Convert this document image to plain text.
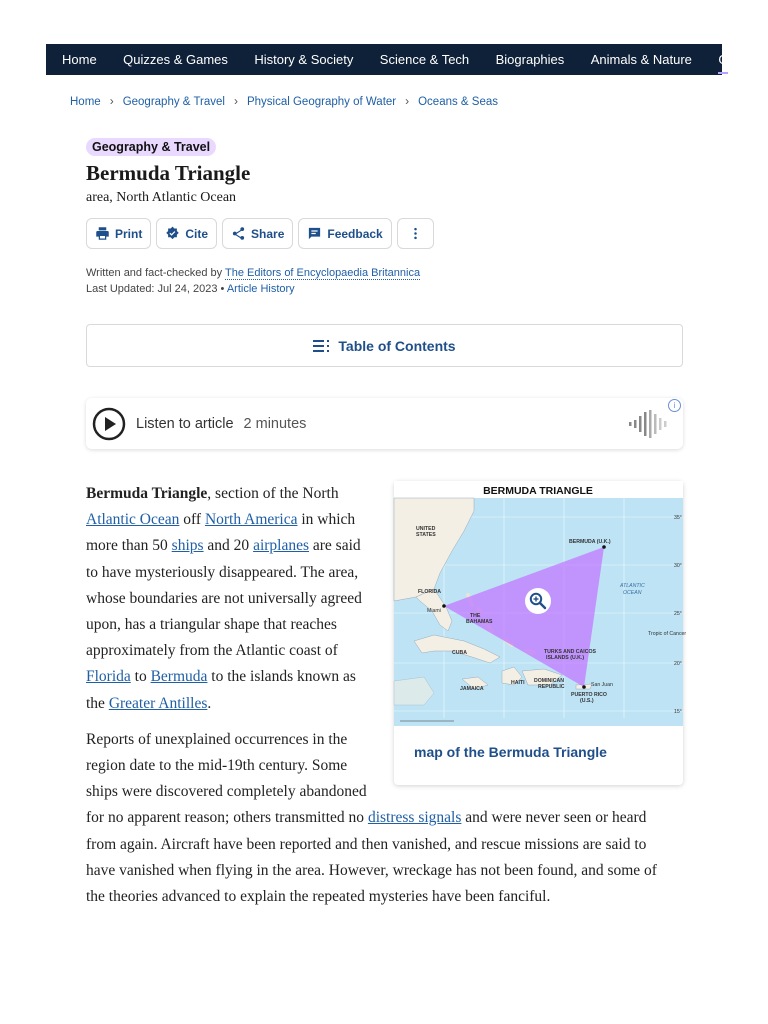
Home Quizzes & Games History & Society Science & Tech Biographies Animals & Nature G
Home › Geography & Travel › Physical Geography of Water › Oceans & Seas
Geography & Travel
Bermuda Triangle
area, North Atlantic Ocean
Print	Cite	Share	Feedback
Written and fact-checked by The Editors of Encyclopaedia Britannica
Last Updated: Jul 24, 2023 • Article History
Table of Contents
Listen to article 2 minutes
i
BERMUDA TRIANGLE
UNITED
STATES
FLORIDA
Miami
THE
BAHAMAS
BERMUDA (U.K.)
ATLANTIC
OCEAN
TURKS AND CAICOS
ISLANDS (U.K.)
CUBA
HAITI DOMINICAN
REPUBLIC
JAMAICA
PUERTO RICO
(U.S.)
San Juan
Tropic of Cancer
35°
30°
25°
20°
15°
map of the Bermuda Triangle

Bermuda Triangle, section of the North Atlantic Ocean off North America in which more than 50 ships and 20 airplanes are said to have mysteriously disappeared. The area, whose boundaries are not universally agreed upon, has a triangular shape that reaches approximately from the Atlantic coast of Florida to Bermuda to the islands known as the Greater Antilles.

Reports of unexplained occurrences in the region date to the mid-19th century. Some ships were discovered completely abandoned for no apparent reason; others transmitted no distress signals and were never seen or heard from again. Aircraft have been reported and then vanished, and rescue missions are said to have vanished when flying in the area. However, wreckage has not been found, and some of the theories advanced to explain the repeated mysteries have been fanciful.
